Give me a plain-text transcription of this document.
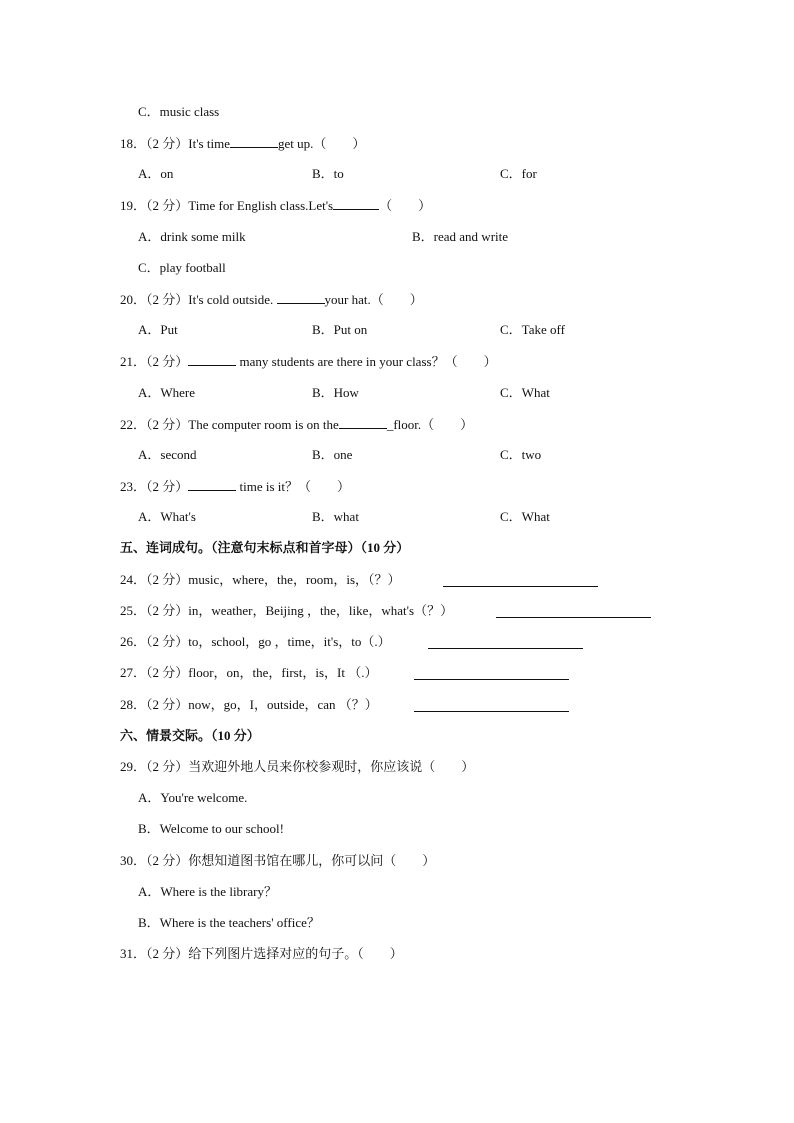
C．music class
18．（2 分）It's time	get up.（　　）
A．on	B．to	C．for
19．（2 分）Time for English class.Let's	（　　）
A．drink some milk	B．read and write
C．play football
20．（2 分）It's cold outside.	your hat.（　　）
A．Put	B．Put on	C．Take off
21．（2 分）	many students are there in your class？（　　）
A．Where	B．How	C．What
22．（2 分）The computer room is on the	_floor.（　　）
A．second	B．one	C．two
23．（2 分）	time is it？（　　）
A．What's	B．what	C．What
五、连词成句。（注意句末标点和首字母）（10 分）
24．（2 分）music，where，the，room，is，（？）
25．（2 分）in，weather，Beijing ，the，like，what's（？）
26．（2 分）to，school，go ，time，it's，to（.）
27．（2 分）floor，on，the，first，is，It （.）
28．（2 分）now，go，I，outside，can （？）
六、情景交际。（10 分）
29．（2 分）当欢迎外地人员来你校参观时，你应该说（　　）
A．You're welcome.
B．Welcome to our school!
30．（2 分）你想知道图书馆在哪儿，你可以问（　　）
A．Where is the library？
B．Where is the teachers' office？
31．（2 分）给下列图片选择对应的句子。（　　）
